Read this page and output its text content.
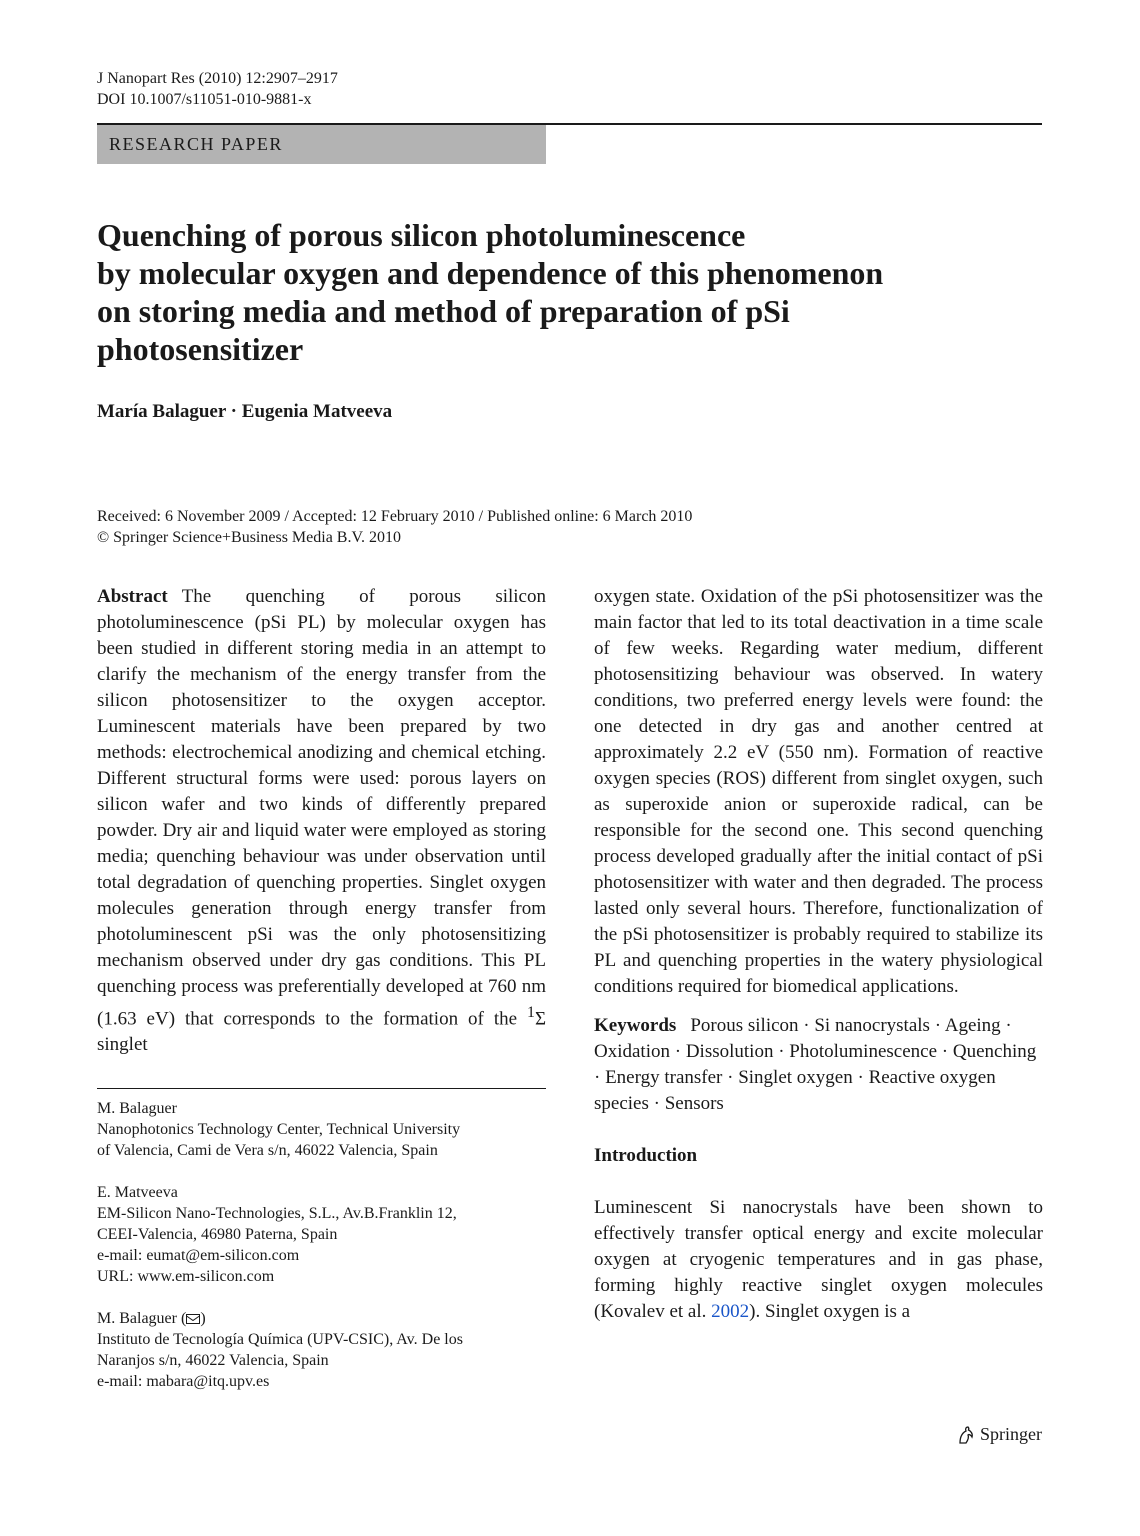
J Nanopart Res (2010) 12:2907–2917
DOI 10.1007/s11051-010-9881-x
RESEARCH PAPER
Quenching of porous silicon photoluminescence
by molecular oxygen and dependence of this phenomenon
on storing media and method of preparation of pSi
photosensitizer
María Balaguer · Eugenia Matveeva
Received: 6 November 2009 / Accepted: 12 February 2010 / Published online: 6 March 2010
© Springer Science+Business Media B.V. 2010

Abstract The quenching of porous silicon photoluminescence (pSi PL) by molecular oxygen has been studied in different storing media in an attempt to clarify the mechanism of the energy transfer from the silicon photosensitizer to the oxygen acceptor. Luminescent materials have been prepared by two methods: electrochemical anodizing and chemical etching. Different structural forms were used: porous layers on silicon wafer and two kinds of differently prepared powder. Dry air and liquid water were employed as storing media; quenching behaviour was under observation until total degradation of quenching properties. Singlet oxygen molecules generation through energy transfer from photoluminescent pSi was the only photosensitizing mechanism observed under dry gas conditions. This PL quenching process was preferentially developed at 760 nm (1.63 eV) that corresponds to the formation of the $^1$Σ singlet

M. Balaguer
Nanophotonics Technology Center, Technical University
of Valencia, Cami de Vera s/n, 46022 Valencia, Spain
E. Matveeva
EM-Silicon Nano-Technologies, S.L., Av.B.Franklin 12,
CEEI-Valencia, 46980 Paterna, Spain
e-mail: eumat@em-silicon.com
URL: www.em-silicon.com
M. Balaguer ( )
Instituto de Tecnología Química (UPV-CSIC), Av. De los
Naranjos s/n, 46022 Valencia, Spain
e-mail: mabara@itq.upv.es

oxygen state. Oxidation of the pSi photosensitizer was the main factor that led to its total deactivation in a time scale of few weeks. Regarding water medium, different photosensitizing behaviour was observed. In watery conditions, two preferred energy levels were found: the one detected in dry gas and another centred at approximately 2.2 eV (550 nm). Formation of reactive oxygen species (ROS) different from singlet oxygen, such as superoxide anion or superoxide radical, can be responsible for the second one. This second quenching process developed gradually after the initial contact of pSi photosensitizer with water and then degraded. The process lasted only several hours. Therefore, functionalization of the pSi photosensitizer is probably required to stabilize its PL and quenching properties in the watery physiological conditions required for biomedical applications.

Keywords Porous silicon · Si nanocrystals · Ageing · Oxidation · Dissolution · Photoluminescence · Quenching · Energy transfer · Singlet oxygen · Reactive oxygen species · Sensors

Introduction

Luminescent Si nanocrystals have been shown to effectively transfer optical energy and excite molecular oxygen at cryogenic temperatures and in gas phase, forming highly reactive singlet oxygen molecules (Kovalev et al. 2002). Singlet oxygen is a

Springer
